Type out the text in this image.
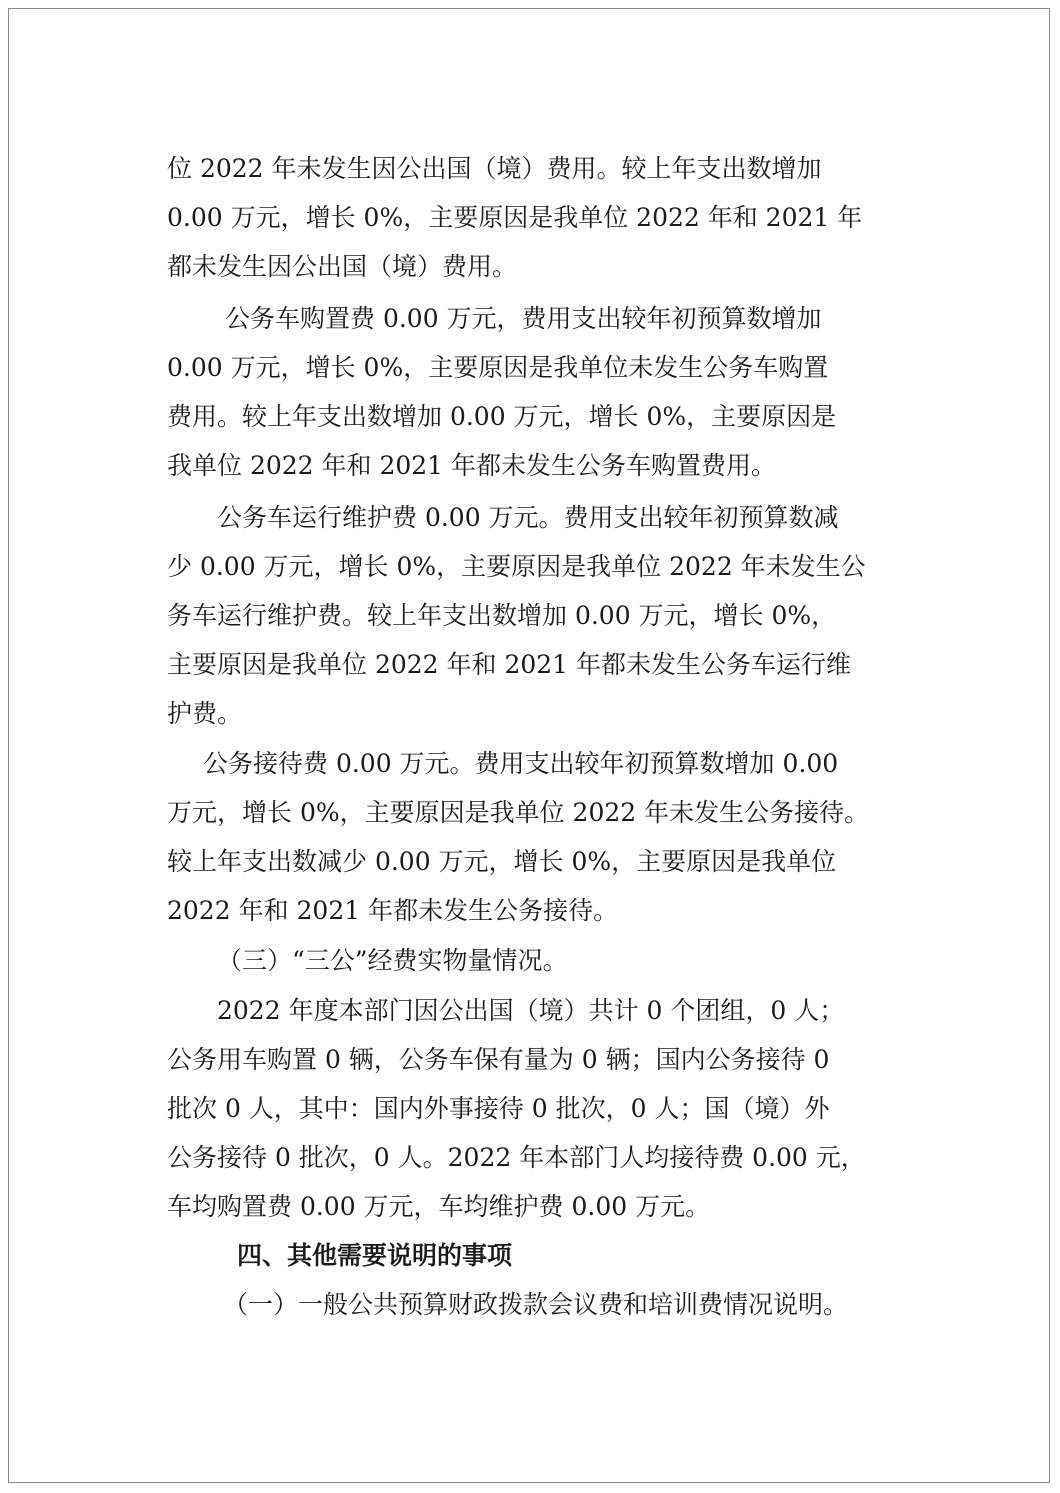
位 2022 年未发生因公出国（境）费用。较上年支出数增加
0.00 万元，增长 0%，主要原因是我单位 2022 年和 2021 年
都未发生因公出国（境）费用。
公务车购置费 0.00 万元，费用支出较年初预算数增加
0.00 万元，增长 0%，主要原因是我单位未发生公务车购置
费用。较上年支出数增加 0.00 万元，增长 0%，主要原因是
我单位 2022 年和 2021 年都未发生公务车购置费用。
公务车运行维护费 0.00 万元。费用支出较年初预算数减
少 0.00 万元，增长 0%，主要原因是我单位 2022 年未发生公
务车运行维护费。较上年支出数增加 0.00 万元，增长 0%，
主要原因是我单位 2022 年和 2021 年都未发生公务车运行维
护费。
公务接待费 0.00 万元。费用支出较年初预算数增加 0.00
万元，增长 0%，主要原因是我单位 2022 年未发生公务接待。
较上年支出数减少 0.00 万元，增长 0%，主要原因是我单位
2022 年和 2021 年都未发生公务接待。
（三）“三公”经费实物量情况。
2022 年度本部门因公出国（境）共计 0 个团组，0 人；
公务用车购置 0 辆，公务车保有量为 0 辆；国内公务接待 0
批次 0 人，其中：国内外事接待 0 批次，0 人；国（境）外
公务接待 0 批次，0 人。2022 年本部门人均接待费 0.00 元，
车均购置费 0.00 万元，车均维护费 0.00 万元。
四、其他需要说明的事项
（一）一般公共预算财政拨款会议费和培训费情况说明。
